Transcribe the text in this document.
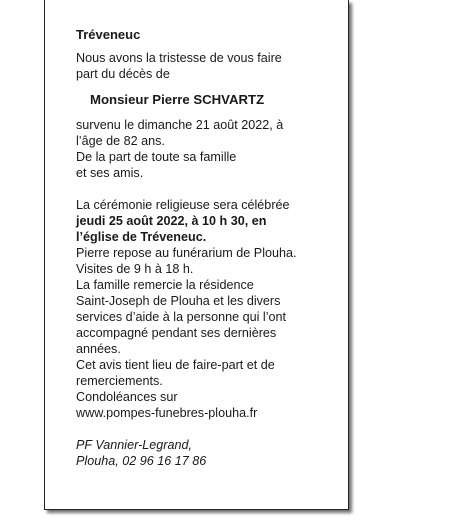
Tréveneuc
Nous avons la tristesse de vous faire
part du décès de
Monsieur Pierre SCHVARTZ
survenu le dimanche 21 août 2022, à
l’âge de 82 ans.
De la part de toute sa famille
et ses amis.
La cérémonie religieuse sera célébrée
jeudi 25 août 2022, à 10 h 30, en
l’église de Tréveneuc.
Pierre repose au funérarium de Plouha.
Visites de 9 h à 18 h.
La famille remercie la résidence
Saint-Joseph de Plouha et les divers
services d’aide à la personne qui l’ont
accompagné pendant ses dernières
années.
Cet avis tient lieu de faire-part et de
remerciements.
Condoléances sur
www.pompes-funebres-plouha.fr
PF Vannier-Legrand,
Plouha, 02 96 16 17 86
